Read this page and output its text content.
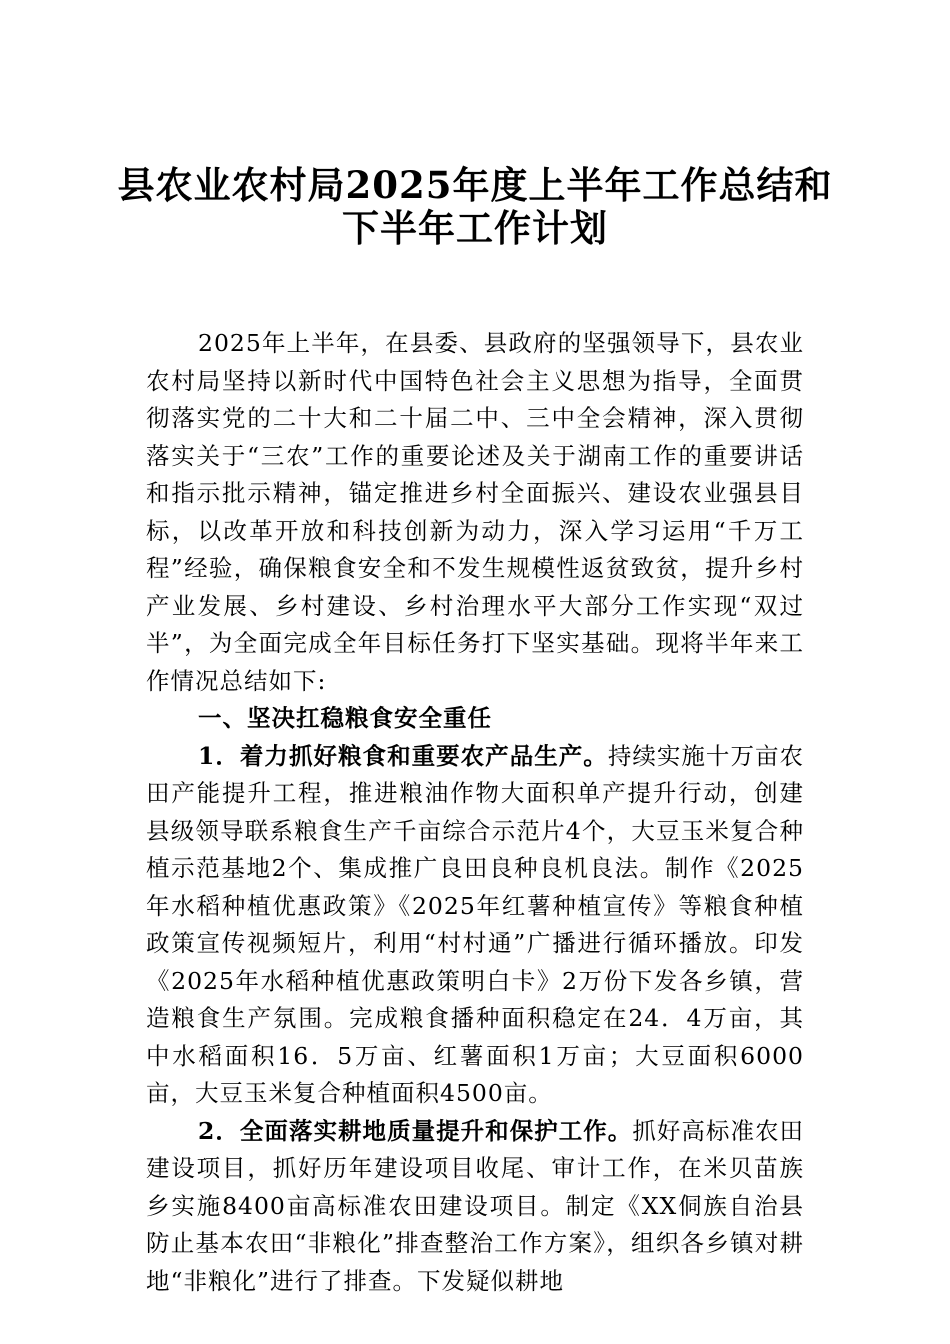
县农业农村局2025年度上半年工作总结和
下半年工作计划

2025年上半年，在县委、县政府的坚强领导下，县农业农村局坚持以新时代中国特色社会主义思想为指导，全面贯彻落实党的二十大和二十届二中、三中全会精神，深入贯彻落实关于“三农”工作的重要论述及关于湖南工作的重要讲话和指示批示精神，锚定推进乡村全面振兴、建设农业强县目标，以改革开放和科技创新为动力，深入学习运用“千万工程”经验，确保粮食安全和不发生规模性返贫致贫，提升乡村产业发展、乡村建设、乡村治理水平大部分工作实现“双过半”，为全面完成全年目标任务打下坚实基础。现将半年来工作情况总结如下:

一、坚决扛稳粮食安全重任

1．着力抓好粮食和重要农产品生产。持续实施十万亩农田产能提升工程，推进粮油作物大面积单产提升行动，创建县级领导联系粮食生产千亩综合示范片4个，大豆玉米复合种植示范基地2个、集成推广良田良种良机良法。制作《2025年水稻种植优惠政策》《2025年红薯种植宣传》等粮食种植政策宣传视频短片，利用“村村通”广播进行循环播放。印发《2025年水稻种植优惠政策明白卡》2万份下发各乡镇，营造粮食生产氛围。完成粮食播种面积稳定在24．4万亩，其中水稻面积16．5万亩、红薯面积1万亩；大豆面积6000亩，大豆玉米复合种植面积4500亩。

2．全面落实耕地质量提升和保护工作。抓好高标准农田建设项目，抓好历年建设项目收尾、审计工作，在米贝苗族乡实施8400亩高标准农田建设项目。制定《XX侗族自治县防止基本农田“非粮化”排查整治工作方案》，组织各乡镇对耕地“非粮化”进行了排查。下发疑似耕地
